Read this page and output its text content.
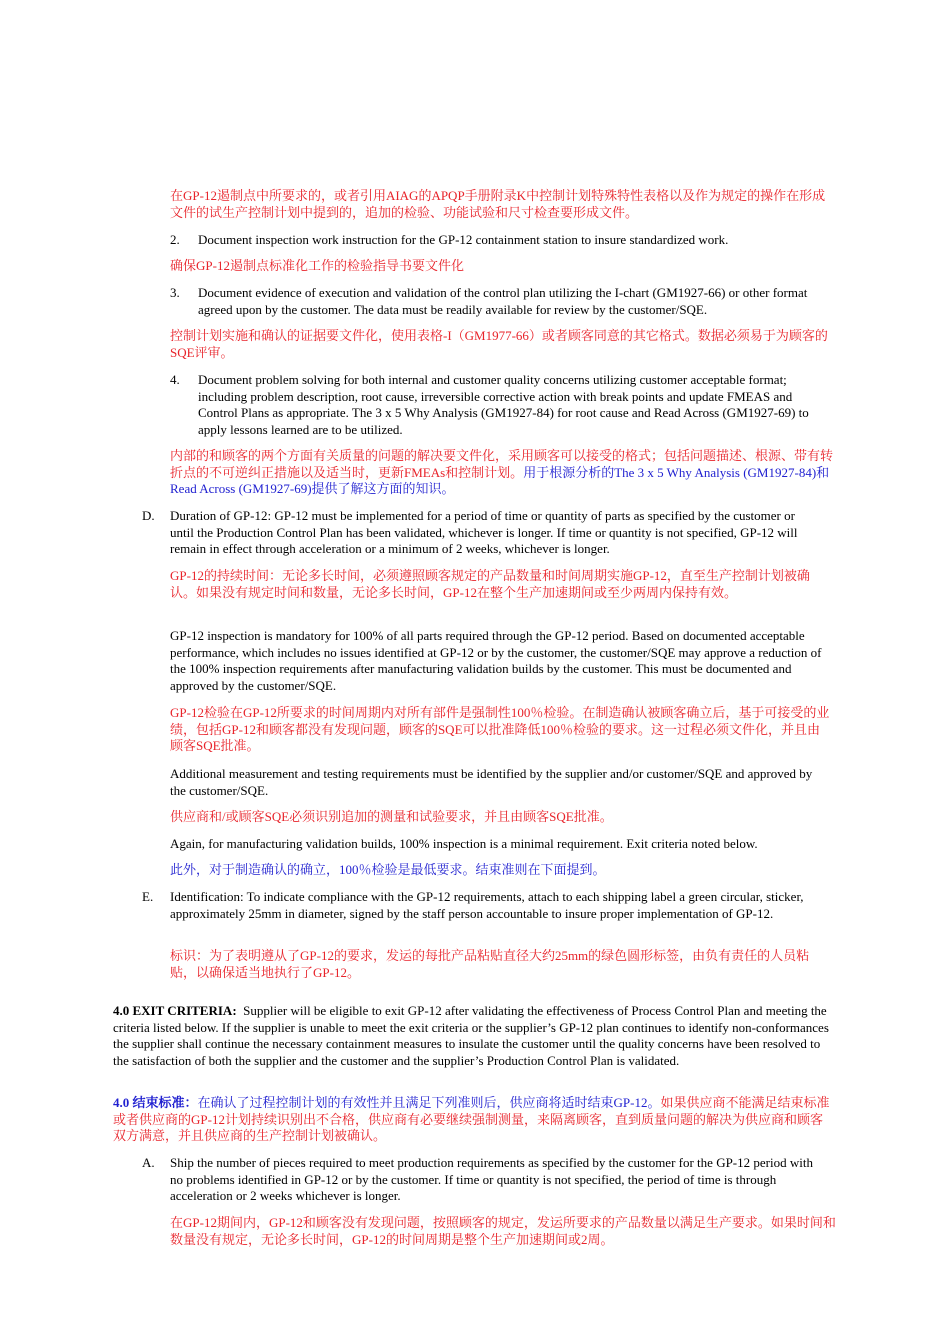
在GP-12遏制点中所要求的，或者引用AIAG的APQP手册附录K中控制计划特殊特性表格以及作为规定的操作在形成文件的试生产控制计划中提到的，追加的检验、功能试验和尺寸检查要形成文件。

2.	Document inspection work instruction for the GP-12 containment station to insure standardized work.

确保GP-12遏制点标准化工作的检验指导书要文件化

3.	Document evidence of execution and validation of the control plan utilizing the I-chart (GM1927-66) or other format agreed upon by the customer. The data must be readily available for review by the customer/SQE.

控制计划实施和确认的证据要文件化，使用表格-I（GM1977-66）或者顾客同意的其它格式。数据必须易于为顾客的SQE评审。

4.	Document problem solving for both internal and customer quality concerns utilizing customer acceptable format; including problem description, root cause, irreversible corrective action with break points and update FMEAS and Control Plans as appropriate. The 3 x 5 Why Analysis (GM1927-84) for root cause and Read Across (GM1927-69) to apply lessons learned are to be utilized.

内部的和顾客的两个方面有关质量的问题的解决要文件化，采用顾客可以接受的格式；包括问题描述、根源、带有转折点的不可逆纠正措施以及适当时，更新FMEAs和控制计划。用于根源分析的The 3 x 5 Why Analysis (GM1927-84)和Read Across (GM1927-69)提供了解这方面的知识。

D.	Duration of GP-12: GP-12 must be implemented for a period of time or quantity of parts as specified by the customer or until the Production Control Plan has been validated, whichever is longer. If time or quantity is not specified, GP-12 will remain in effect through acceleration or a minimum of 2 weeks, whichever is longer.

GP-12的持续时间：无论多长时间，必须遵照顾客规定的产品数量和时间周期实施GP-12，直至生产控制计划被确认。如果没有规定时间和数量，无论多长时间，GP-12在整个生产加速期间或至少两周内保持有效。

GP-12 inspection is mandatory for 100% of all parts required through the GP-12 period. Based on documented acceptable performance, which includes no issues identified at GP-12 or by the customer, the customer/SQE may approve a reduction of the 100% inspection requirements after manufacturing validation builds by the customer. This must be documented and approved by the customer/SQE.

GP-12检验在GP-12所要求的时间周期内对所有部件是强制性100％检验。在制造确认被顾客确立后，基于可接受的业绩，包括GP-12和顾客都没有发现问题，顾客的SQE可以批准降低100％检验的要求。这一过程必须文件化，并且由顾客SQE批准。

Additional measurement and testing requirements must be identified by the supplier and/or customer/SQE and approved by the customer/SQE.

供应商和/或顾客SQE必须识别追加的测量和试验要求，并且由顾客SQE批准。

Again, for manufacturing validation builds, 100% inspection is a minimal requirement. Exit criteria noted below.

此外，对于制造确认的确立，100％检验是最低要求。结束准则在下面提到。

E.	Identification: To indicate compliance with the GP-12 requirements, attach to each shipping label a green circular, sticker, approximately 25mm in diameter, signed by the staff person accountable to insure proper implementation of GP-12.

标识：为了表明遵从了GP-12的要求，发运的每批产品粘贴直径大约25mm的绿色圆形标签，由负有责任的人员粘贴，以确保适当地执行了GP-12。

4.0 EXIT CRITERIA: Supplier will be eligible to exit GP-12 after validating the effectiveness of Process Control Plan and meeting the criteria listed below. If the supplier is unable to meet the exit criteria or the supplier’s GP-12 plan continues to identify non-conformances the supplier shall continue the necessary containment measures to insulate the customer until the quality concerns have been resolved to the satisfaction of both the supplier and the customer and the supplier’s Production Control Plan is validated.

4.0 结束标准：在确认了过程控制计划的有效性并且满足下列准则后，供应商将适时结束GP-12。如果供应商不能满足结束标准或者供应商的GP-12计划持续识别出不合格，供应商有必要继续强制测量，来隔离顾客，直到质量问题的解决为供应商和顾客双方满意，并且供应商的生产控制计划被确认。

A.	Ship the number of pieces required to meet production requirements as specified by the customer for the GP-12 period with no problems identified in GP-12 or by the customer. If time or quantity is not specified, the period of time is through acceleration or 2 weeks whichever is longer.

在GP-12期间内，GP-12和顾客没有发现问题，按照顾客的规定，发运所要求的产品数量以满足生产要求。如果时间和数量没有规定，无论多长时间，GP-12的时间周期是整个生产加速期间或2周。
